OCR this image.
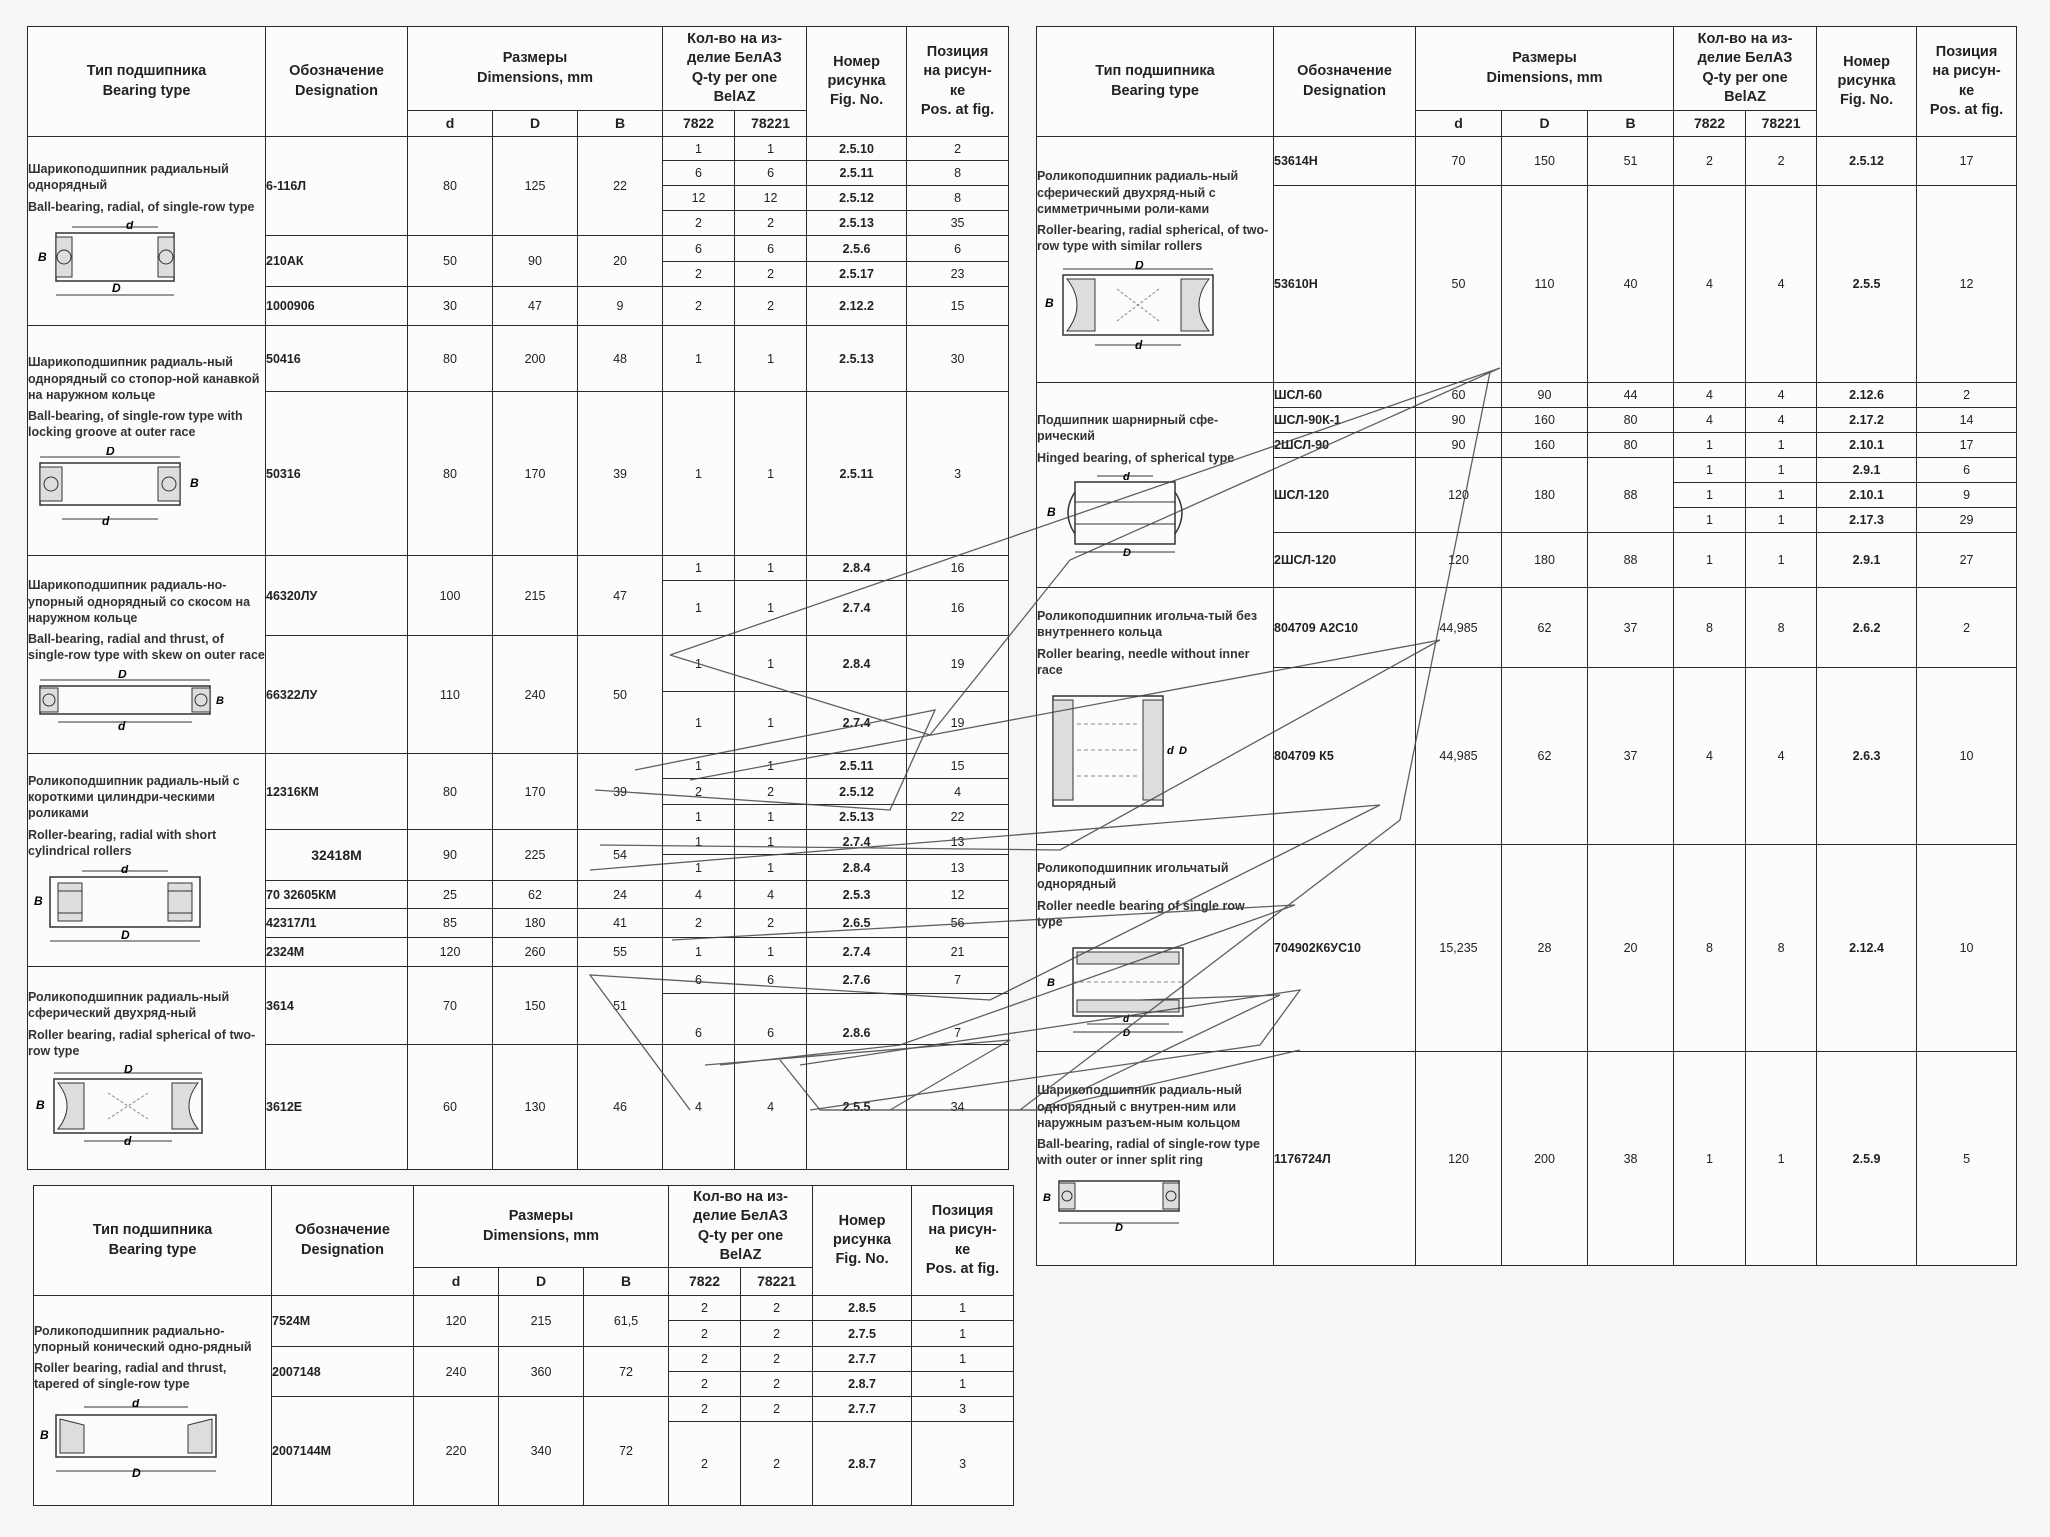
Тип подшипника
Bearing type	Обозначение
Designation	Размеры
Dimensions, mm			Кол-во на из-
делие БелАЗ
Q-ty per one
BelAZ		Номер
рисунка
Fig. No.	Позиция
на рисун-
ке
Pos. at fig.

		d	D	B	7822	78221		

Шарикоподшипник радиальный однорядный
Ball-bearing, radial, of single-row type
D
d
B	6-116Л	80	125	22	1	1	2.5.10	2
					6	6	2.5.11	8
					12	12	2.5.12	8
					2	2	2.5.13	35
	210АК	50	90	20	6	6	2.5.6	6
					2	2	2.5.17	23
	1000906	30	47	9	2	2	2.12.2	15

Шарикоподшипник радиаль-ный однорядный со стопор-ной канавкой на наружном кольце
Ball-bearing, of single-row type with locking groove at outer race
D
d
B	50416	80	200	48	1	1	2.5.13	30
	50316	80	170	39	1	1	2.5.11	3

Шарикоподшипник радиаль-но- упорный однорядный со скосом на наружном кольце
Ball-bearing, radial and thrust, of single-row type with skew on outer race
D
d
B	46320ЛУ	100	215	47	1	1	2.8.4	16
					1	1	2.7.4	16
	66322ЛУ	110	240	50	1	1	2.8.4	19
					1	1	2.7.4	19

Роликоподшипник радиаль-ный с короткими цилиндри-ческими роликами
Roller-bearing, radial with short cylindrical rollers
d
D
B	12316КМ	80	170	39	1	1	2.5.11	15
					2	2	2.5.12	4
					1	1	2.5.13	22
	32418М	90	225	54	1	1	2.7.4	13
					1	1	2.8.4	13
	70 32605КМ	25	62	24	4	4	2.5.3	12
	42317Л1	85	180	41	2	2	2.6.5	56
	2324М	120	260	55	1	1	2.7.4	21

Роликоподшипник радиаль-ный сферический двухряд-ный
Roller bearing, radial spherical of two-row type
D
d
B	3614	70	150	51	6	6	2.7.6	7
					6	6	2.8.6	7
	3612Е	60	130	46	4	4	2.5.5	34
Тип подшипника
Bearing type	Обозначение
Designation	Размеры
Dimensions, mm			Кол-во на из-
делие БелАЗ
Q-ty per one
BelAZ		Номер
рисунка
Fig. No.	Позиция
на рисун-
ке
Pos. at fig.

		d	D	B	7822	78221		

Роликоподшипник радиально-упорный конический одно-рядный
Roller bearing, radial and thrust, tapered of single-row type
d
D
B	7524М	120	215	61,5	2	2	2.8.5	1
					2	2	2.7.5	1
	2007148	240	360	72	2	2	2.7.7	1
					2	2	2.8.7	1
	2007144М	220	340	72	2	2	2.7.7	3
					2	2	2.8.7	3
Тип подшипника
Bearing type	Обозначение
Designation	Размеры
Dimensions, mm			Кол-во на из-
делие БелАЗ
Q-ty per one
BelAZ		Номер
рисунка
Fig. No.	Позиция
на рисун-
ке
Pos. at fig.

		d	D	B	7822	78221		

Роликоподшипник радиаль-ный сферический двухряд-ный с симметричными роли-ками
Roller-bearing, radial spherical, of two-row type with similar rollers
D
d
B	53614Н	70	150	51	2	2	2.5.12	17
	53610Н	50	110	40	4	4	2.5.5	12

Подшипник шарнирный сфе-рический
Hinged bearing, of spherical type
d
D
B	ШСЛ-60	60	90	44	4	4	2.12.6	2
	ШСЛ-90К-1	90	160	80	4	4	2.17.2	14
	2ШСЛ-90	90	160	80	1	1	2.10.1	17
	ШСЛ-120	120	180	88	1	1	2.9.1	6
					1	1	2.10.1	9
					1	1	2.17.3	29
	2ШСЛ-120	120	180	88	1	1	2.9.1	27

Роликоподшипник игольча-тый без внутреннего кольца
Roller bearing, needle without inner race
d D	804709 А2С10	44,985	62	37	8	8	2.6.2	2
	804709 К5	44,985	62	37	4	4	2.6.3	10

Роликоподшипник игольчатый однорядный
Roller needle bearing of single row type
d
D
B	704902К6УС10	15,235	28	20	8	8	2.12.4	10

Шарикоподшипник радиаль-ный однорядный с внутрен-ним или наружным разъем-ным кольцом
Ball-bearing, radial of single-row type with outer or inner split ring
D
B	1176724Л	120	200	38	1	1	2.5.9	5
